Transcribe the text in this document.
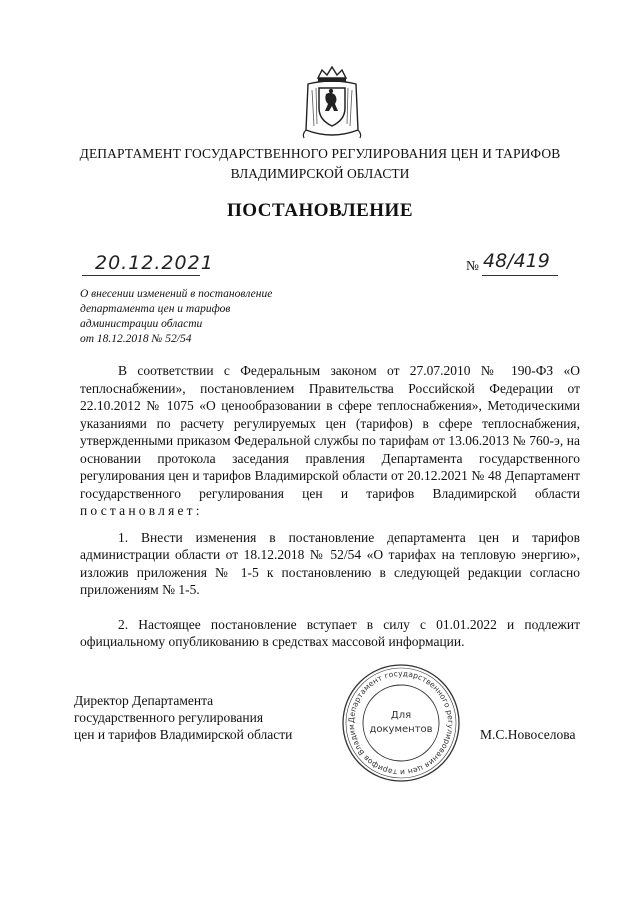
ДЕПАРТАМЕНТ ГОСУДАРСТВЕННОГО РЕГУЛИРОВАНИЯ ЦЕН И ТАРИФОВ
ВЛАДИМИРСКОЙ ОБЛАСТИ
ПОСТАНОВЛЕНИЕ
20.12.2021	№ 48/419
О внесении изменений в постановление
департамента цен и тарифов
администрации области
от 18.12.2018 № 52/54

В соответствии с Федеральным законом от 27.07.2010 № 190-ФЗ «О теплоснабжении», постановлением Правительства Российской Федерации от 22.10.2012 № 1075 «О ценообразовании в сфере теплоснабжения», Методическими указаниями по расчету регулируемых цен (тарифов) в сфере теплоснабжения, утвержденными приказом Федеральной службы по тарифам от 13.06.2013 № 760-э, на основании протокола заседания правления Департамента государственного регулирования цен и тарифов Владимирской области от 20.12.2021 № 48 Департамент государственного регулирования цен и тарифов Владимирской области постановляет:

1. Внести изменения в постановление департамента цен и тарифов администрации области от 18.12.2018 № 52/54 «О тарифах на тепловую энергию», изложив приложения № 1-5 к постановлению в следующей редакции согласно приложениям № 1-5.

2. Настоящее постановление вступает в силу с 01.01.2022 и подлежит официальному опубликованию в средствах массовой информации.

Директор Департамента
государственного регулирования
цен и тарифов Владимирской области
Департамент государственного регулирования цен и тарифов Владим
Для
документов	М.С.Новоселова
